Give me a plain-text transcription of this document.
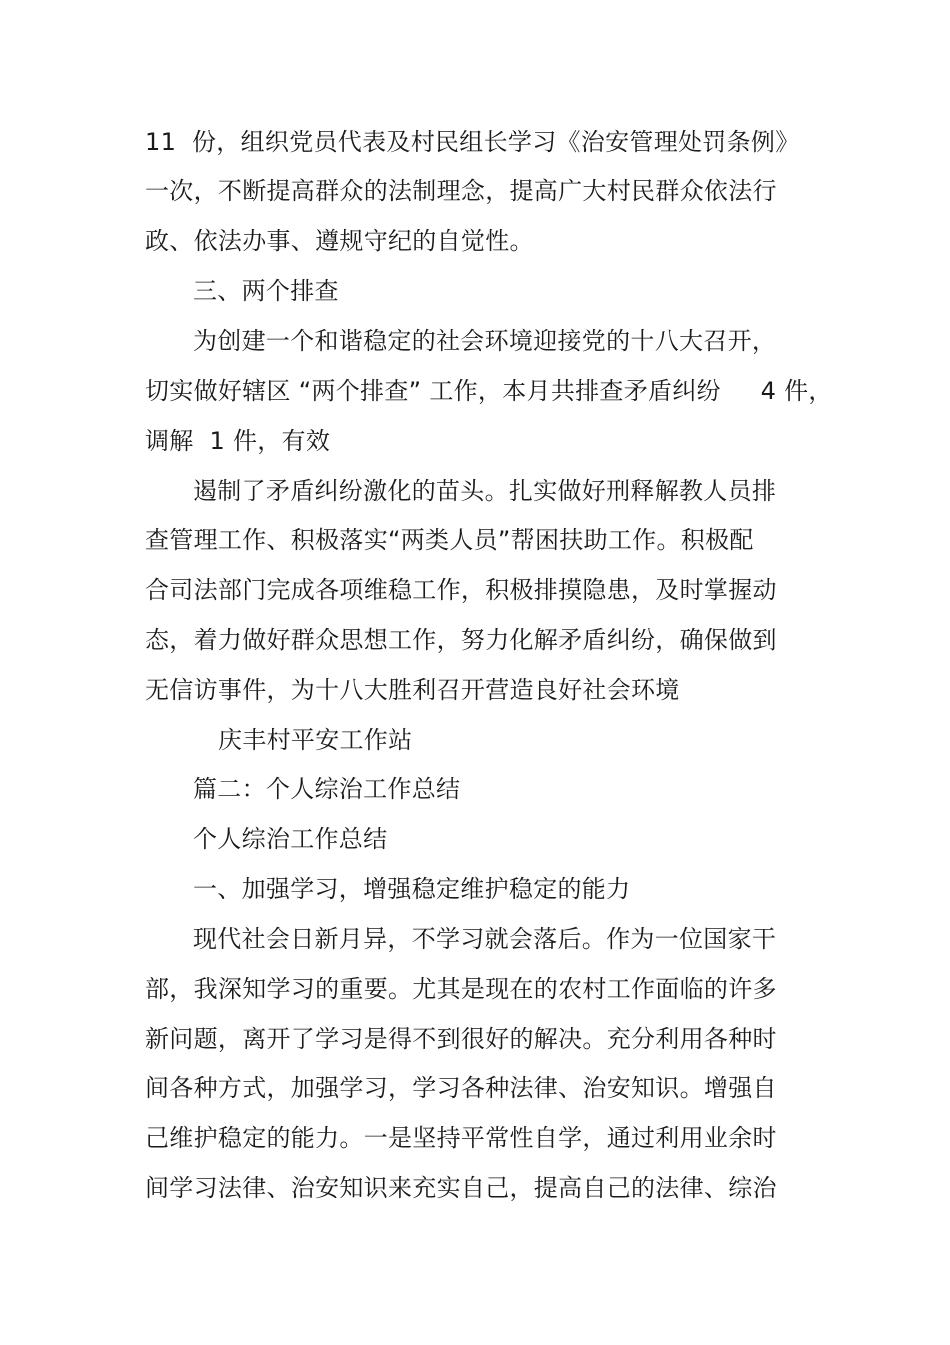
11  份，组织党员代表及村民组长学习《治安管理处罚条例》
一次，不断提高群众的法制理念，提高广大村民群众依法行
政、依法办事、遵规守纪的自觉性。
三、两个排查
为创建一个和谐稳定的社会环境迎接党的十八大召开，
切实做好辖区 “两个排查” 工作，本月共排查矛盾纠纷     4 件，
调解  1 件，有效
遏制了矛盾纠纷激化的苗头。扎实做好刑释解教人员排
查管理工作、积极落实“两类人员”帮困扶助工作。积极配
合司法部门完成各项维稳工作，积极排摸隐患，及时掌握动
态，着力做好群众思想工作，努力化解矛盾纠纷，确保做到
无信访事件，为十八大胜利召开营造良好社会环境
庆丰村平安工作站
篇二：个人综治工作总结
个人综治工作总结
一、加强学习，增强稳定维护稳定的能力
现代社会日新月异，不学习就会落后。作为一位国家干
部，我深知学习的重要。尤其是现在的农村工作面临的许多
新问题，离开了学习是得不到很好的解决。充分利用各种时
间各种方式，加强学习，学习各种法律、治安知识。增强自
己维护稳定的能力。一是坚持平常性自学，通过利用业余时
间学习法律、治安知识来充实自己，提高自己的法律、综治
